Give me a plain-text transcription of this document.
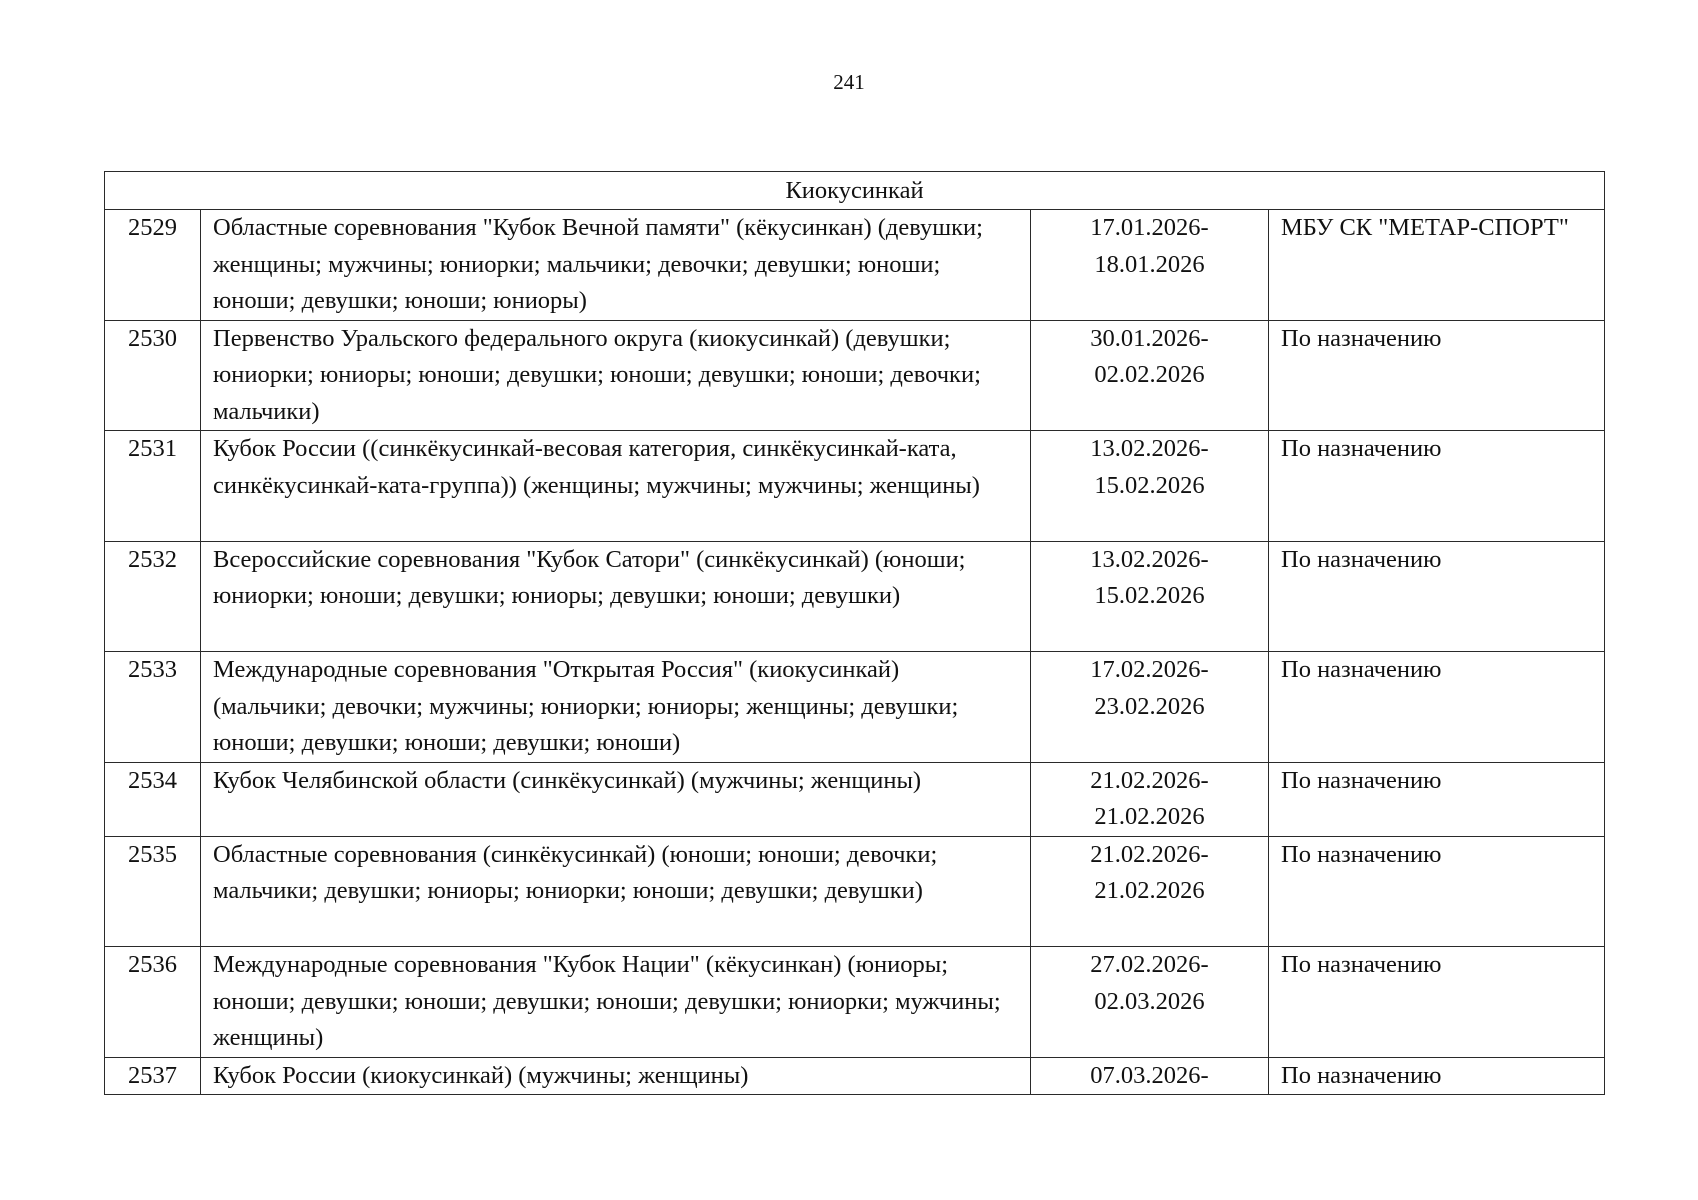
241
Киокусинкай			
2529	Областные соревнования "Кубок Вечной памяти" (кёкусинкан) (девушки; женщины; мужчины; юниорки; мальчики; девочки; девушки; юноши; юноши; девушки; юноши; юниоры)	17.01.2026-18.01.2026	МБУ СК "МЕТАР-СПОРТ"
2530	Первенство Уральского федерального округа (киокусинкай) (девушки; юниорки; юниоры; юноши; девушки; юноши; девушки; юноши; девочки; мальчики)	30.01.2026-02.02.2026	По назначению
2531	Кубок России ((синкёкусинкай-весовая категория, синкёкусинкай-ката, синкёкусинкай-ката-группа)) (женщины; мужчины; мужчины; женщины)	13.02.2026-15.02.2026	По назначению
2532	Всероссийские соревнования "Кубок Сатори" (синкёкусинкай) (юноши; юниорки; юноши; девушки; юниоры; девушки; юноши; девушки)	13.02.2026-15.02.2026	По назначению
2533	Международные соревнования "Открытая Россия" (киокусинкай) (мальчики; девочки; мужчины; юниорки; юниоры; женщины; девушки; юноши; девушки; юноши; девушки; юноши)	17.02.2026-23.02.2026	По назначению
2534	Кубок Челябинской области (синкёкусинкай) (мужчины; женщины)	21.02.2026-21.02.2026	По назначению
2535	Областные соревнования (синкёкусинкай) (юноши; юноши; девочки; мальчики; девушки; юниоры; юниорки; юноши; девушки; девушки)	21.02.2026-21.02.2026	По назначению
2536	Международные соревнования "Кубок Нации" (кёкусинкан) (юниоры; юноши; девушки; юноши; девушки; юноши; девушки; юниорки; мужчины; женщины)	27.02.2026-02.03.2026	По назначению
2537	Кубок России (киокусинкай) (мужчины; женщины)	07.03.2026-	По назначению
